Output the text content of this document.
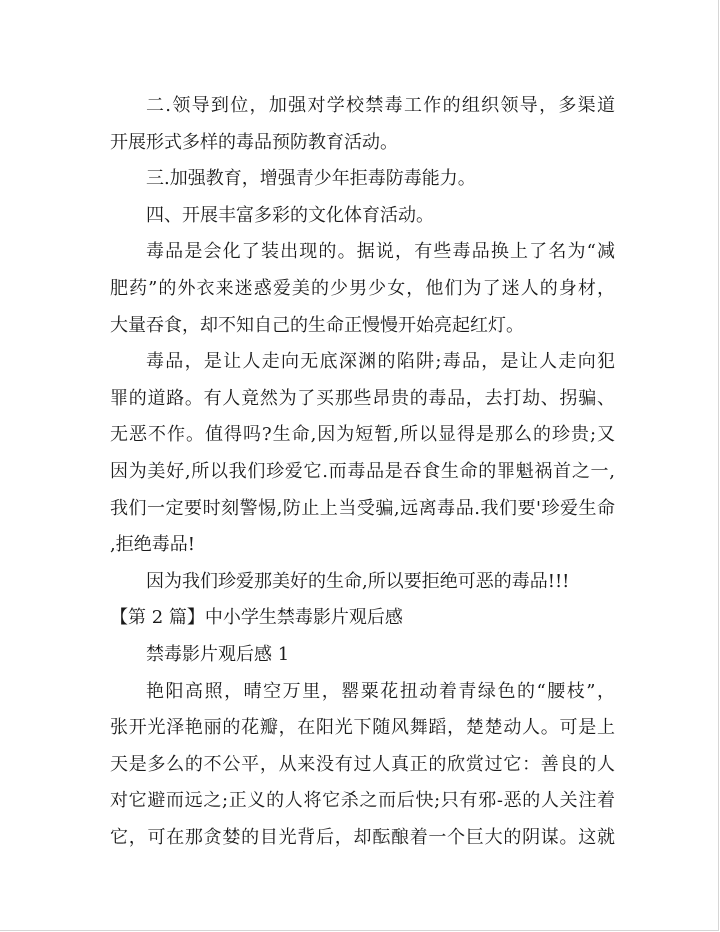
二.领导到位，加强对学校禁毒工作的组织领导，多渠道
开展形式多样的毒品预防教育活动。
三.加强教育，增强青少年拒毒防毒能力。
四、开展丰富多彩的文化体育活动。
毒品是会化了装出现的。据说，有些毒品换上了名为“减
肥药”的外衣来迷惑爱美的少男少女，他们为了迷人的身材，
大量吞食，却不知自己的生命正慢慢开始亮起红灯。
毒品，是让人走向无底深渊的陷阱;毒品，是让人走向犯
罪的道路。有人竟然为了买那些昂贵的毒品，去打劫、拐骗、
无恶不作。值得吗?生命,因为短暂,所以显得是那么的珍贵;又
因为美好,所以我们珍爱它.而毒品是吞食生命的罪魁祸首之一,
我们一定要时刻警惕,防止上当受骗,远离毒品.我们要'珍爱生命
,拒绝毒品!
因为我们珍爱那美好的生命,所以要拒绝可恶的毒品!!!
【第 2 篇】中小学生禁毒影片观后感
禁毒影片观后感 1
艳阳高照，晴空万里，罂粟花扭动着青绿色的“腰枝”，
张开光泽艳丽的花瓣，在阳光下随风舞蹈，楚楚动人。可是上
天是多么的不公平，从来没有过人真正的欣赏过它：善良的人
对它避而远之;正义的人将它杀之而后快;只有邪-恶的人关注着
它，可在那贪婪的目光背后，却酝酿着一个巨大的阴谋。这就
